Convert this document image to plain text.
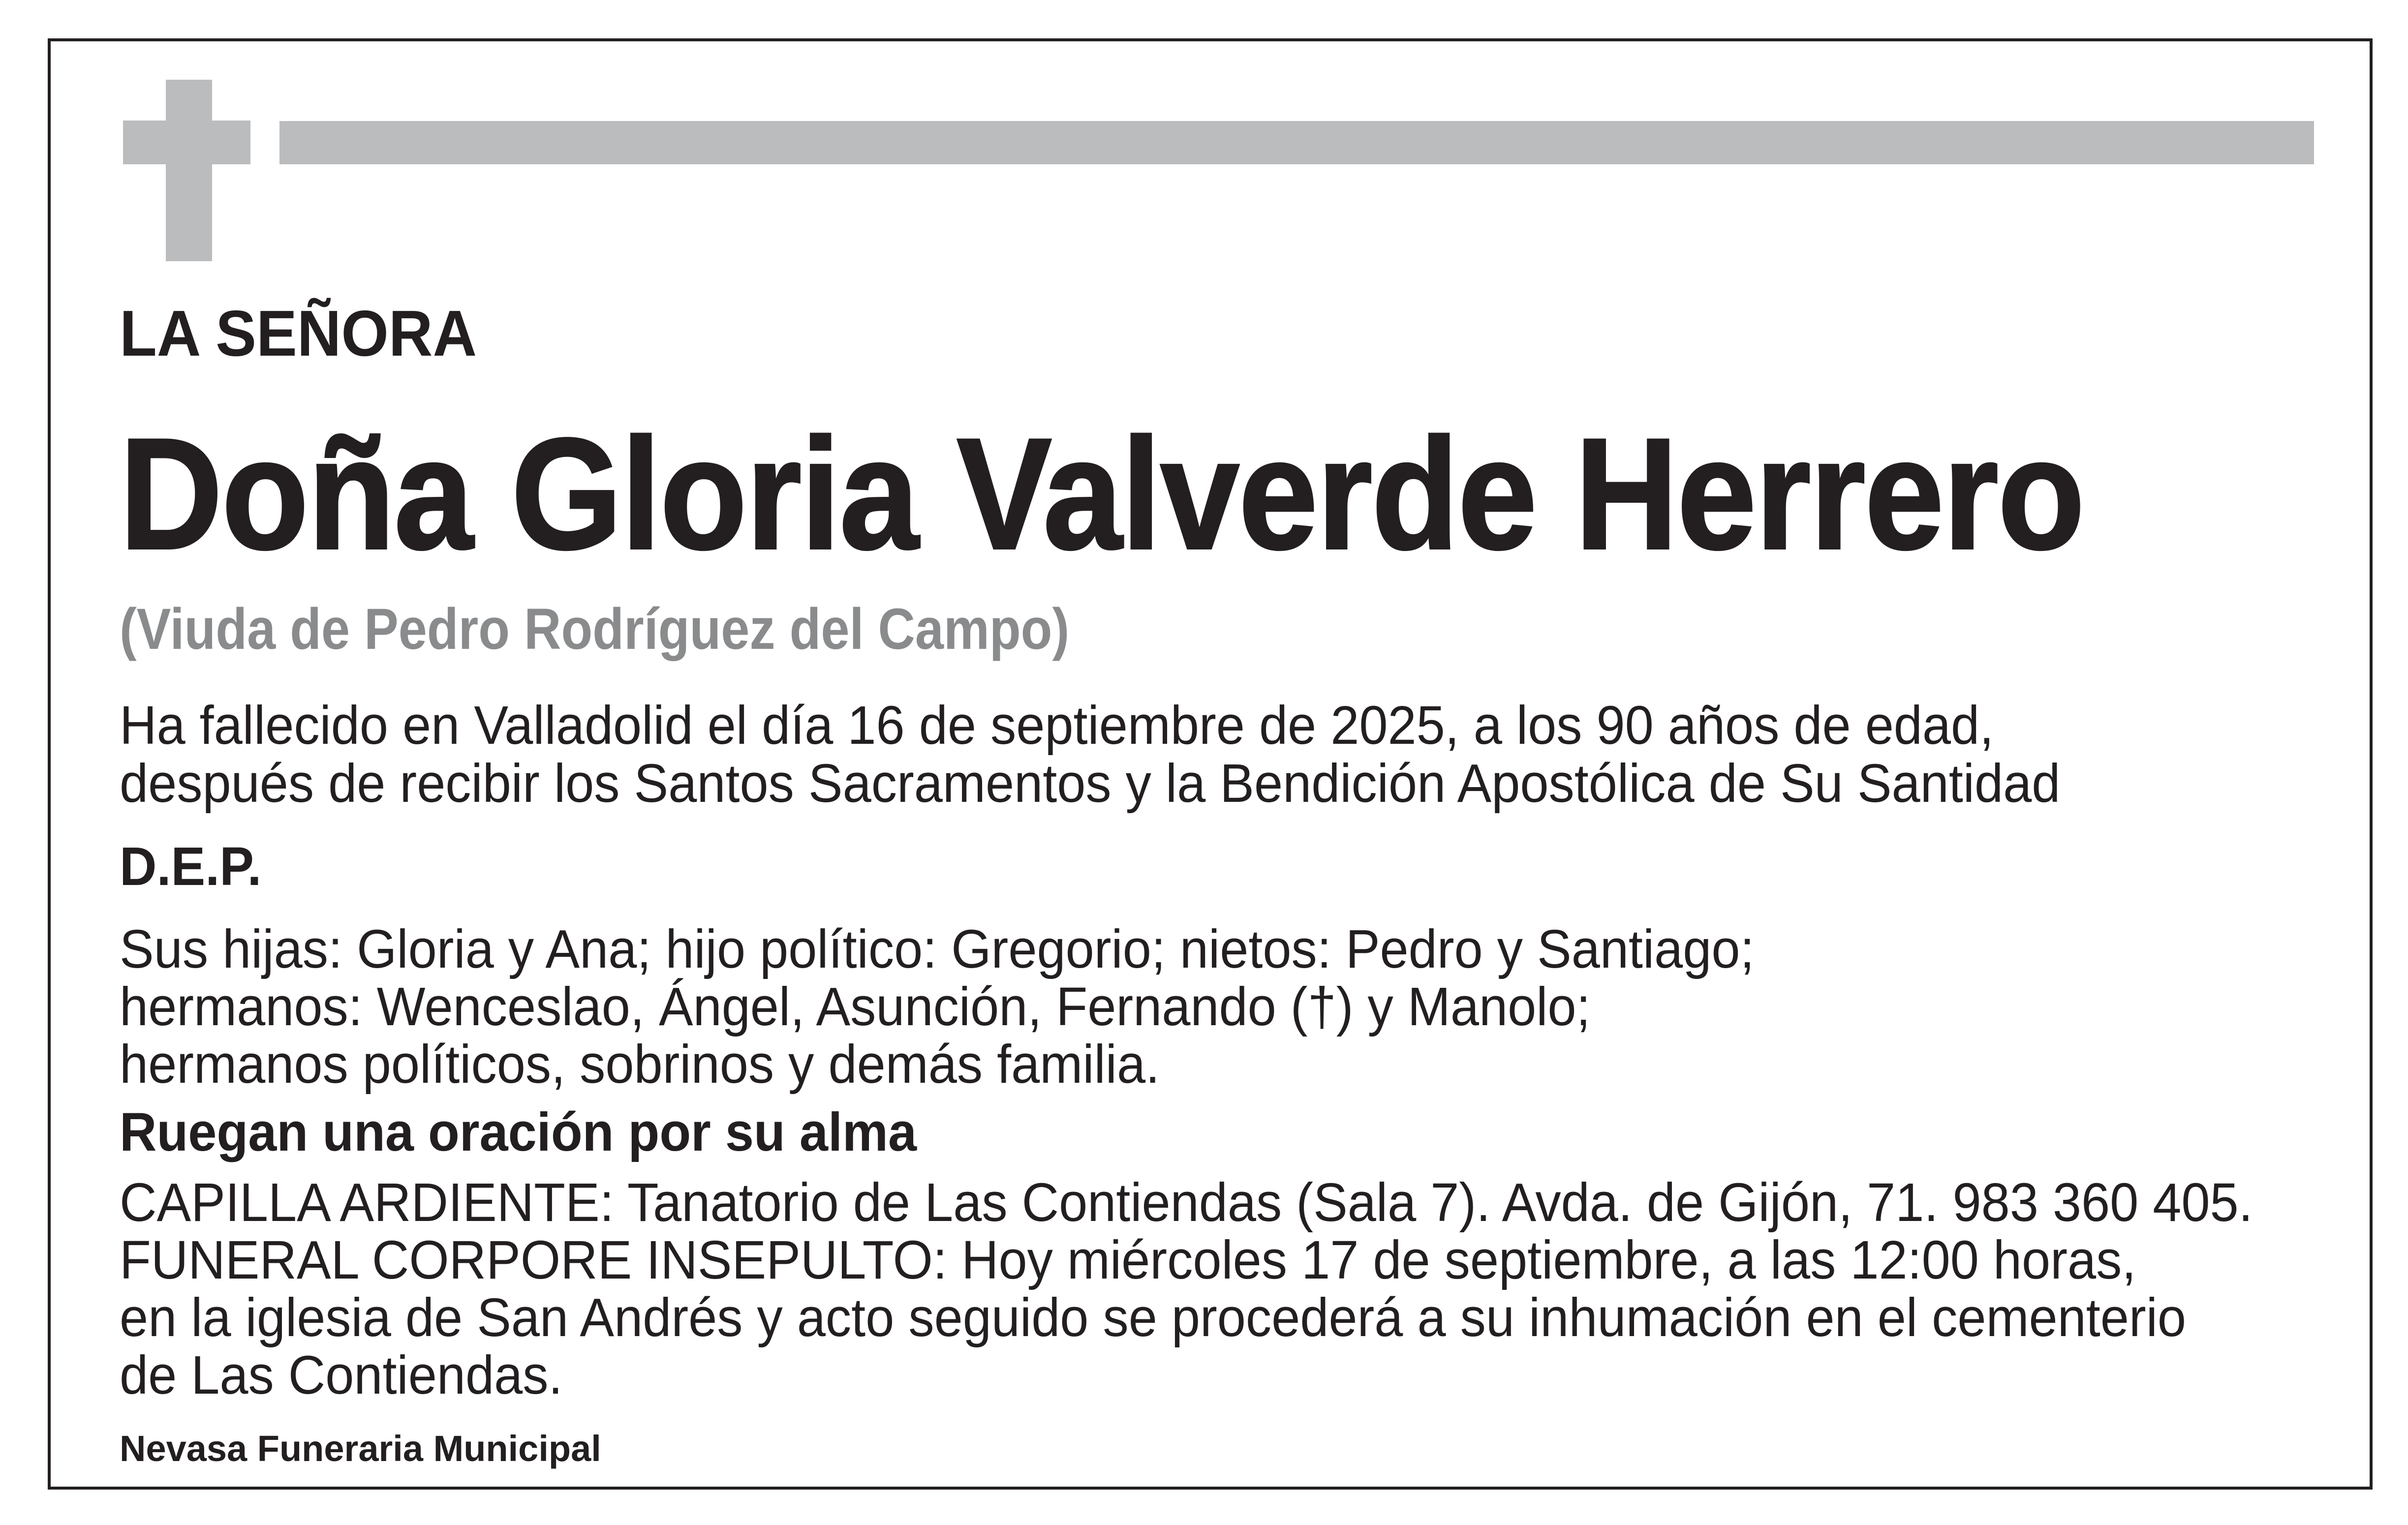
LA SEÑORA
Doña Gloria Valverde Herrero
(Viuda de Pedro Rodríguez del Campo)
Ha fallecido en Valladolid el día 16 de septiembre de 2025, a los 90 años de edad,
después de recibir los Santos Sacramentos y la Bendición Apostólica de Su Santidad
D.E.P.
Sus hijas: Gloria y Ana; hijo político: Gregorio; nietos: Pedro y Santiago;
hermanos: Wenceslao, Ángel, Asunción, Fernando (†) y Manolo;
hermanos políticos, sobrinos y demás familia.
Ruegan una oración por su alma
CAPILLA ARDIENTE: Tanatorio de Las Contiendas (Sala 7). Avda. de Gijón, 71. 983 360 405.
FUNERAL CORPORE INSEPULTO: Hoy miércoles 17 de septiembre, a las 12:00 horas,
en la iglesia de San Andrés y acto seguido se procederá a su inhumación en el cementerio
de Las Contiendas.
Nevasa Funeraria Municipal
